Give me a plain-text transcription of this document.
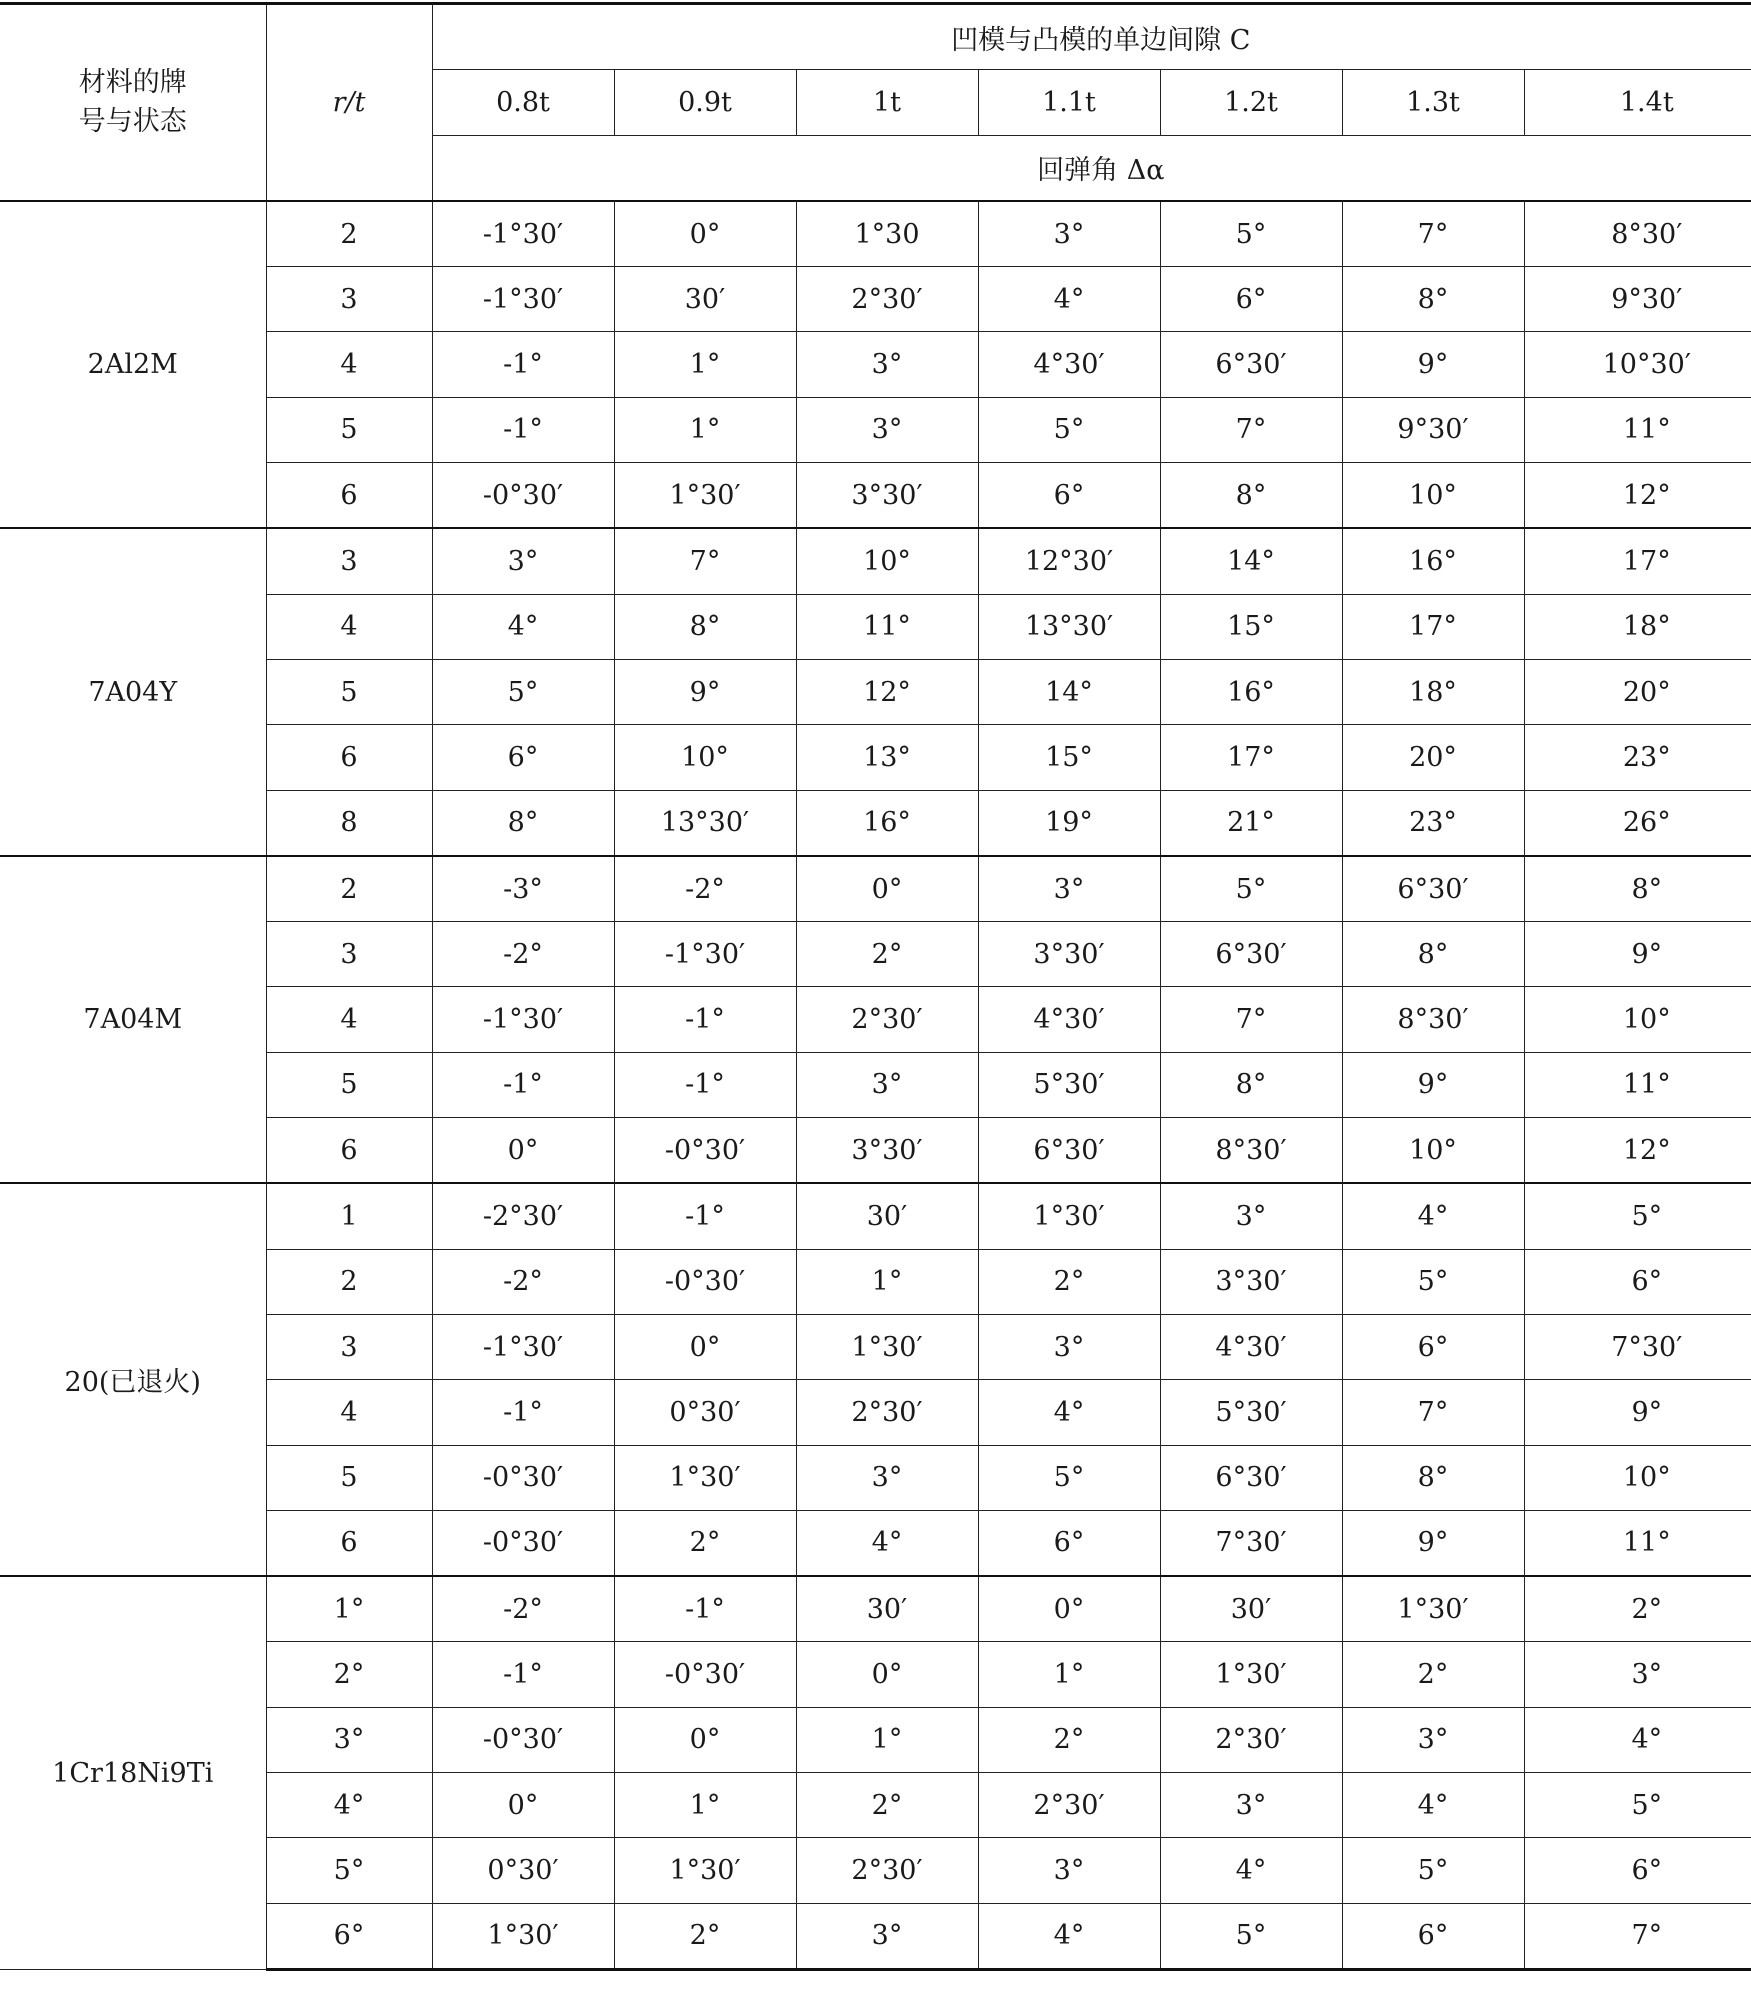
材料的牌
号与状态	r/t	凹模与凸模的单边间隙 C						
		0.8t	0.9t	1t	1.1t	1.2t	1.3t	1.4t
		回弹角 Δα						
2Al2M	2	-1°30′	0°	1°30	3°	5°	7°	8°30′
	3	-1°30′	30′	2°30′	4°	6°	8°	9°30′
	4	-1°	1°	3°	4°30′	6°30′	9°	10°30′
	5	-1°	1°	3°	5°	7°	9°30′	11°
	6	-0°30′	1°30′	3°30′	6°	8°	10°	12°
7A04Y	3	3°	7°	10°	12°30′	14°	16°	17°
	4	4°	8°	11°	13°30′	15°	17°	18°
	5	5°	9°	12°	14°	16°	18°	20°
	6	6°	10°	13°	15°	17°	20°	23°
	8	8°	13°30′	16°	19°	21°	23°	26°
7A04M	2	-3°	-2°	0°	3°	5°	6°30′	8°
	3	-2°	-1°30′	2°	3°30′	6°30′	8°	9°
	4	-1°30′	-1°	2°30′	4°30′	7°	8°30′	10°
	5	-1°	-1°	3°	5°30′	8°	9°	11°
	6	0°	-0°30′	3°30′	6°30′	8°30′	10°	12°
20(已退火)	1	-2°30′	-1°	30′	1°30′	3°	4°	5°
	2	-2°	-0°30′	1°	2°	3°30′	5°	6°
	3	-1°30′	0°	1°30′	3°	4°30′	6°	7°30′
	4	-1°	0°30′	2°30′	4°	5°30′	7°	9°
	5	-0°30′	1°30′	3°	5°	6°30′	8°	10°
	6	-0°30′	2°	4°	6°	7°30′	9°	11°
1Cr18Ni9Ti	1°	-2°	-1°	30′	0°	30′	1°30′	2°
	2°	-1°	-0°30′	0°	1°	1°30′	2°	3°
	3°	-0°30′	0°	1°	2°	2°30′	3°	4°
	4°	0°	1°	2°	2°30′	3°	4°	5°
	5°	0°30′	1°30′	2°30′	3°	4°	5°	6°
	6°	1°30′	2°	3°	4°	5°	6°	7°
